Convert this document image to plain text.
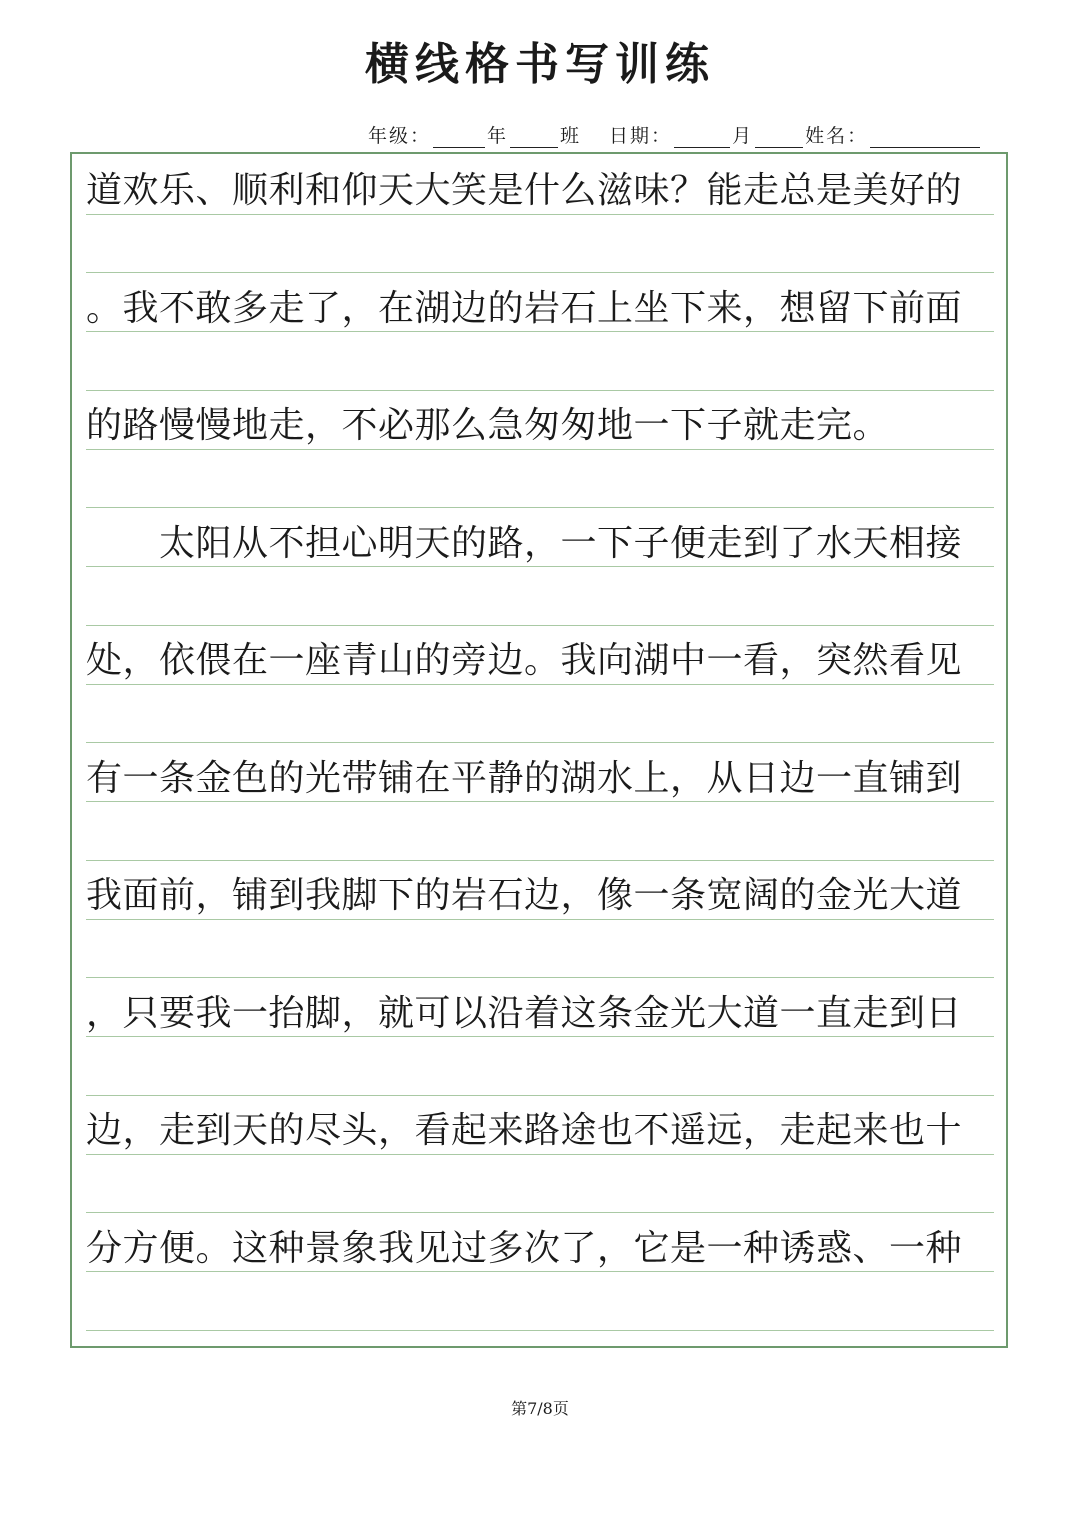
横线格书写训练
年级：	年	班 日期：	月	姓名：
道欢乐、顺利和仰天大笑是什么滋味？能走总是美好的
。我不敢多走了，在湖边的岩石上坐下来，想留下前面
的路慢慢地走，不必那么急匆匆地一下子就走完。
　　太阳从不担心明天的路，一下子便走到了水天相接
处，依偎在一座青山的旁边。我向湖中一看，突然看见
有一条金色的光带铺在平静的湖水上，从日边一直铺到
我面前，铺到我脚下的岩石边，像一条宽阔的金光大道
，只要我一抬脚，就可以沿着这条金光大道一直走到日
边，走到天的尽头，看起来路途也不遥远，走起来也十
分方便。这种景象我见过多次了，它是一种诱惑、一种
第7/8页
